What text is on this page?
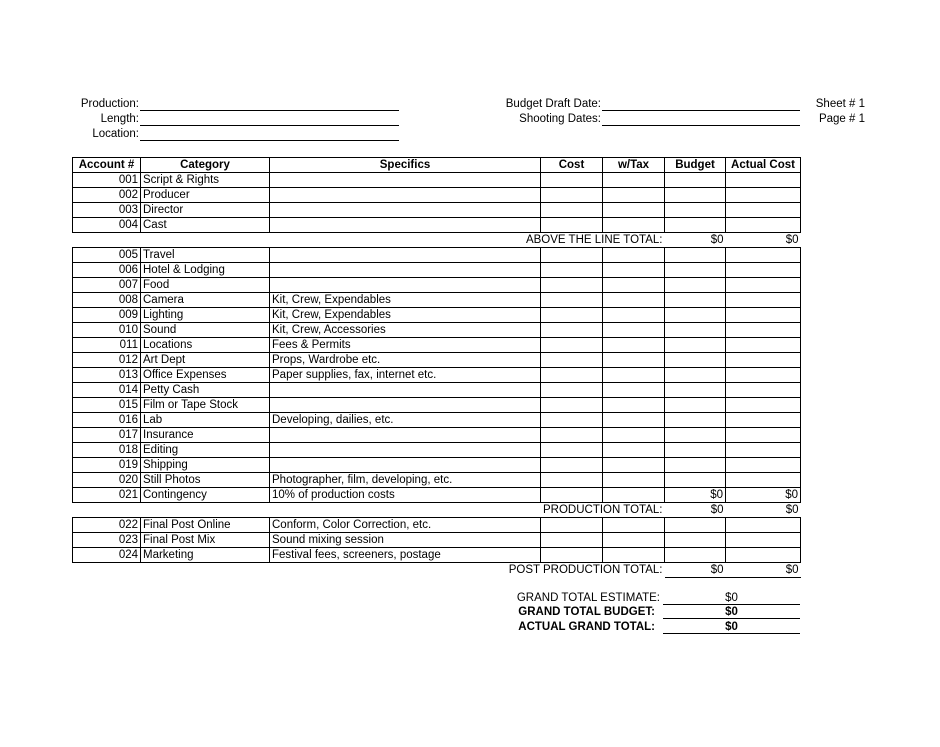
Production:
Length:
Location:
Budget Draft Date:
Shooting Dates:
Sheet # 1
Page # 1
Account #	Category	Specifics	Cost	w/Tax	Budget	Actual Cost
001	Script & Rights					
002	Producer					
003	Director					
004	Cast					
ABOVE THE LINE TOTAL:					$0	$0
005	Travel					
006	Hotel & Lodging					
007	Food					
008	Camera	Kit, Crew, Expendables				
009	Lighting	Kit, Crew, Expendables				
010	Sound	Kit, Crew, Accessories				
011	Locations	Fees & Permits				
012	Art Dept	Props, Wardrobe etc.				
013	Office Expenses	Paper supplies, fax, internet etc.				
014	Petty Cash					
015	Film or Tape Stock					
016	Lab	Developing, dailies, etc.				
017	Insurance					
018	Editing					
019	Shipping					
020	Still Photos	Photographer, film, developing, etc.				
021	Contingency	10% of production costs			$0	$0
PRODUCTION TOTAL:					$0	$0
022	Final Post Online	Conform, Color Correction, etc.				
023	Final Post Mix	Sound mixing session				
024	Marketing	Festival fees, screeners, postage				
POST PRODUCTION TOTAL:					$0	$0
GRAND TOTAL ESTIMATE:	$0
GRAND TOTAL BUDGET:	$0
ACTUAL GRAND TOTAL:	$0
